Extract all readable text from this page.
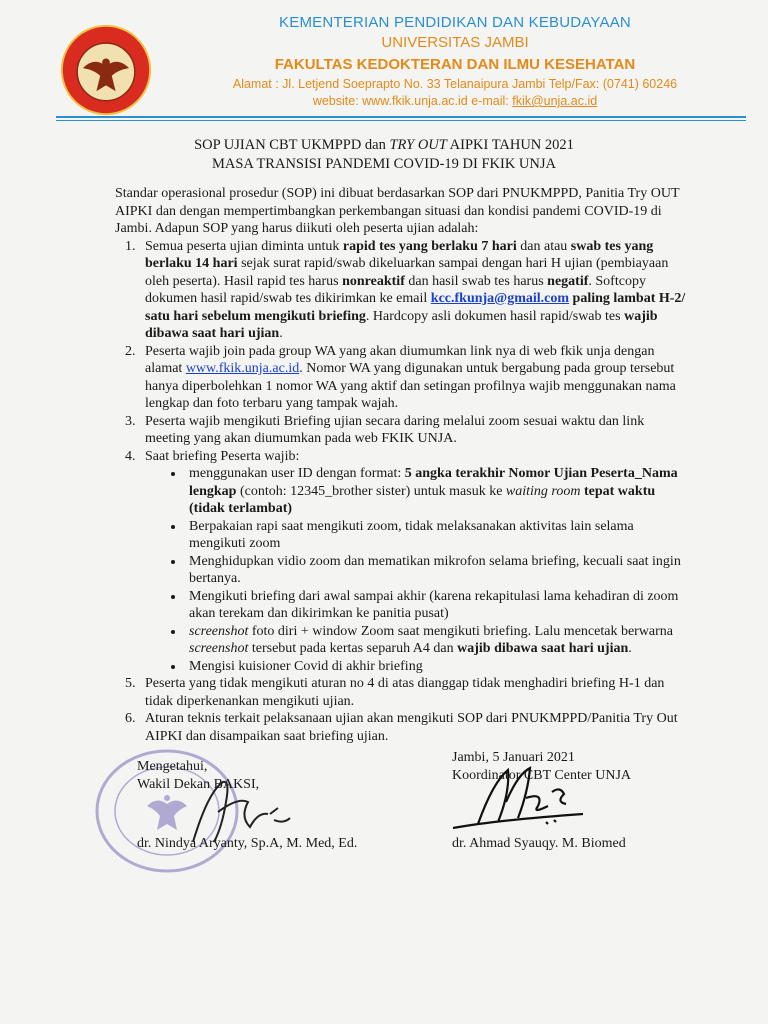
KEMENTERIAN PENDIDIKAN DAN KEBUDAYAAN
UNIVERSITAS JAMBI
FAKULTAS KEDOKTERAN DAN ILMU KESEHATAN
Alamat : Jl. Letjend Soeprapto No. 33 Telanaipura Jambi Telp/Fax: (0741) 60246
website: www.fkik.unja.ac.id e-mail: fkik@unja.ac.id
SOP UJIAN CBT UKMPPD dan TRY OUT AIPKI TAHUN 2021
MASA TRANSISI PANDEMI COVID-19 DI FKIK UNJA

Standar operasional prosedur (SOP) ini dibuat berdasarkan SOP dari PNUKMPPD, Panitia Try OUT AIPKI dan dengan mempertimbangkan perkembangan situasi dan kondisi pandemi COVID-19 di Jambi. Adapun SOP yang harus diikuti oleh peserta ujian adalah:

1. Semua peserta ujian diminta untuk rapid tes yang berlaku 7 hari dan atau swab tes yang berlaku 14 hari sejak surat rapid/swab dikeluarkan sampai dengan hari H ujian (pembiayaan oleh peserta). Hasil rapid tes harus nonreaktif dan hasil swab tes harus negatif. Softcopy dokumen hasil rapid/swab tes dikirimkan ke email kcc.fkunja@gmail.com paling lambat H-2/ satu hari sebelum mengikuti briefing. Hardcopy asli dokumen hasil rapid/swab tes wajib dibawa saat hari ujian.
2. Peserta wajib join pada group WA yang akan diumumkan link nya di web fkik unja dengan alamat www.fkik.unja.ac.id. Nomor WA yang digunakan untuk bergabung pada group tersebut hanya diperbolehkan 1 nomor WA yang aktif dan setingan profilnya wajib menggunakan nama lengkap dan foto terbaru yang tampak wajah.
3. Peserta wajib mengikuti Briefing ujian secara daring melalui zoom sesuai waktu dan link meeting yang akan diumumkan pada web FKIK UNJA.
4. Saat briefing Peserta wajib:
• menggunakan user ID dengan format: 5 angka terakhir Nomor Ujian Peserta_Nama lengkap (contoh: 12345_brother sister) untuk masuk ke waiting room tepat waktu (tidak terlambat)
• Berpakaian rapi saat mengikuti zoom, tidak melaksanakan aktivitas lain selama mengikuti zoom
• Menghidupkan vidio zoom dan mematikan mikrofon selama briefing, kecuali saat ingin bertanya.
• Mengikuti briefing dari awal sampai akhir (karena rekapitulasi lama kehadiran di zoom akan terekam dan dikirimkan ke panitia pusat)
• screenshot foto diri + window Zoom saat mengikuti briefing. Lalu mencetak berwarna screenshot tersebut pada kertas separuh A4 dan wajib dibawa saat hari ujian.
• Mengisi kuisioner Covid di akhir briefing
5. Peserta yang tidak mengikuti aturan no 4 di atas dianggap tidak menghadiri briefing H-1 dan tidak diperkenankan mengikuti ujian.
6. Aturan teknis terkait pelaksanaan ujian akan mengikuti SOP dari PNUKMPPD/Panitia Try Out AIPKI dan disampaikan saat briefing ujian.
Mengetahui,
Wakil Dekan BAKSI,
Jambi, 5 Januari 2021
Koordinator CBT Center UNJA
dr. Nindya Aryanty, Sp.A, M. Med, Ed.	dr. Ahmad Syauqy. M. Biomed
